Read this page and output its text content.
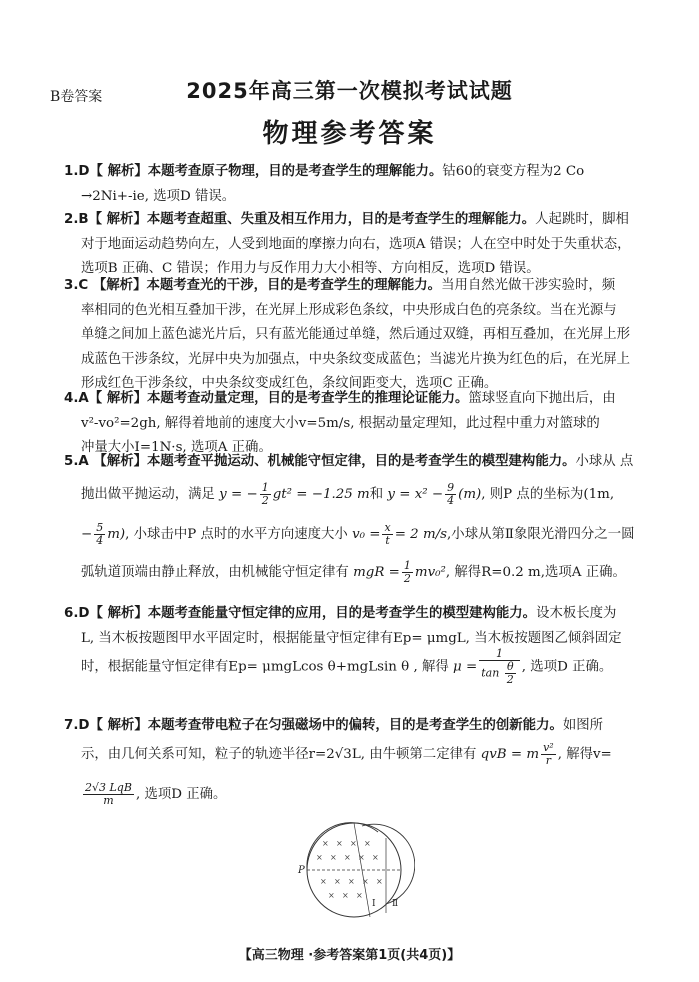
B卷答案	2025年高三第一次模拟考试试题
物理参考答案
1.D【 解析】本题考查原子物理，目的是考查学生的理解能力。钴60的衰变方程为2 Co
→2Ni+-ie, 选项D 错误。
2.B【 解析】本题考查超重、失重及相互作用力，目的是考查学生的理解能力。人起跳时，脚相
对于地面运动趋势向左，人受到地面的摩擦力向右，选项A 错误；人在空中时处于失重状态，
选项B 正确、C 错误；作用力与反作用力大小相等、方向相反，选项D 错误。
3.C 【解析】本题考查光的干涉，目的是考查学生的理解能力。当用自然光做干涉实验时，频
率相同的色光相互叠加干涉，在光屏上形成彩色条纹，中央形成白色的亮条纹。当在光源与
单缝之间加上蓝色滤光片后，只有蓝光能通过单缝，然后通过双缝，再相互叠加，在光屏上形
成蓝色干涉条纹，光屏中央为加强点，中央条纹变成蓝色；当滤光片换为红色的后，在光屏上
形成红色干涉条纹，中央条纹变成红色，条纹间距变大，选项C 正确。
4.A【 解析】本题考查动量定理，目的是考查学生的推理论证能力。篮球竖直向下抛出后，由
v²-vo²=2gh, 解得着地前的速度大小v=5m/s, 根据动量定理知，此过程中重力对篮球的
冲量大小I=1N·s, 选项A 正确。
5.A 【解析】本题考查平抛运动、机械能守恒定律，目的是考查学生的模型建构能力。小球从 点
抛出做平抛运动，满足 y = − $\frac{1}{2} gt^2 = -1.25$ m和 $y = x^2 - \frac{9}{4} (m)$, 则P 点的坐标为(1m,
− $\frac{5}{4} m$), 小球击中P 点时的水平方向速度大小 $v_0 = \frac{x}{t} = 2$ m/s,小球从第Ⅱ象限光滑四分之一圆
弧轨道顶端由静止释放，由机械能守恒定律有 mgR = $\frac{1}{2} mv_0^2$, 解得R=0.2 m,选项A 正确。
6.D【 解析】本题考查能量守恒定律的应用，目的是考查学生的模型建构能力。设木板长度为
L, 当木板按题图甲水平固定时，根据能量守恒定律有Ep= μmgL, 当木板按题图乙倾斜固定
时，根据能量守恒定律有Ep= μmgLcos θ+mgLsin θ , 解得 $\mu = \frac{1}{\tan \frac{\theta}{2}}$ , 选项D 正确。
7.D【 解析】本题考查带电粒子在匀强磁场中的偏转，目的是考查学生的创新能力。如图所
示，由几何关系可知，粒子的轨迹半径r=2√3L, 由牛顿第二定律有 qvB = m $\frac{\text{v²}}{r}$ , 解得v=
$\frac{\text{2√3 LqB}}{m}$ , 选项D 正确。
× × × ×
× × × × ×
× × × × ×
× × ×
P
I Ⅱ
【高三物理 ·参考答案第1页(共4页)】
